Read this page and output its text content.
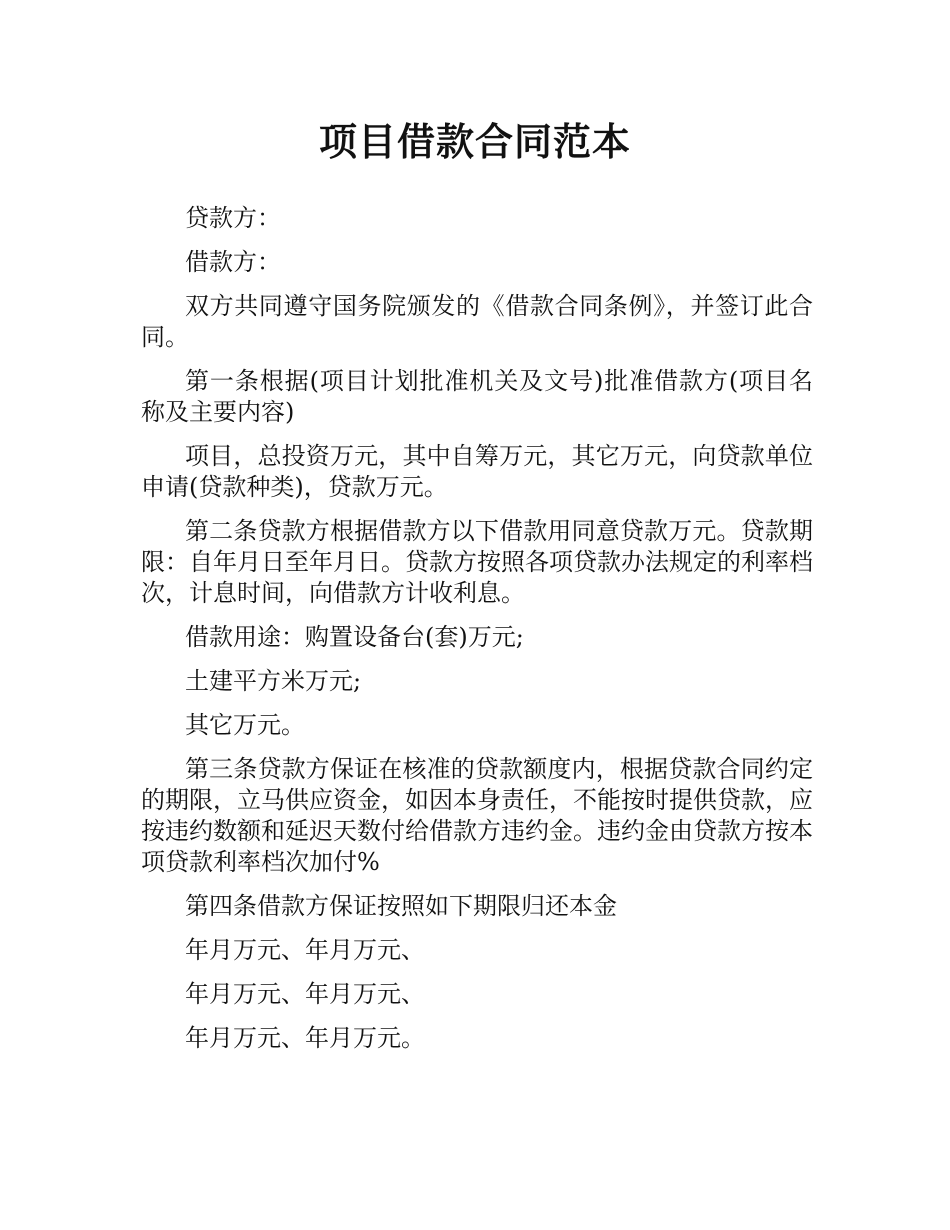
项目借款合同范本

贷款方：

借款方：

双方共同遵守国务院颁发的《借款合同条例》，并签订此合同。

第一条根据(项目计划批准机关及文号)批准借款方(项目名称及主要内容)

项目，总投资万元，其中自筹万元，其它万元，向贷款单位申请(贷款种类)，贷款万元。

第二条贷款方根据借款方以下借款用同意贷款万元。贷款期限：自年月日至年月日。贷款方按照各项贷款办法规定的利率档次，计息时间，向借款方计收利息。

借款用途：购置设备台(套)万元;

土建平方米万元;

其它万元。

第三条贷款方保证在核准的贷款额度内，根据贷款合同约定的期限，立马供应资金，如因本身责任，不能按时提供贷款，应按违约数额和延迟天数付给借款方违约金。违约金由贷款方按本项贷款利率档次加付%

第四条借款方保证按照如下期限归还本金

年月万元、年月万元、

年月万元、年月万元、

年月万元、年月万元。
